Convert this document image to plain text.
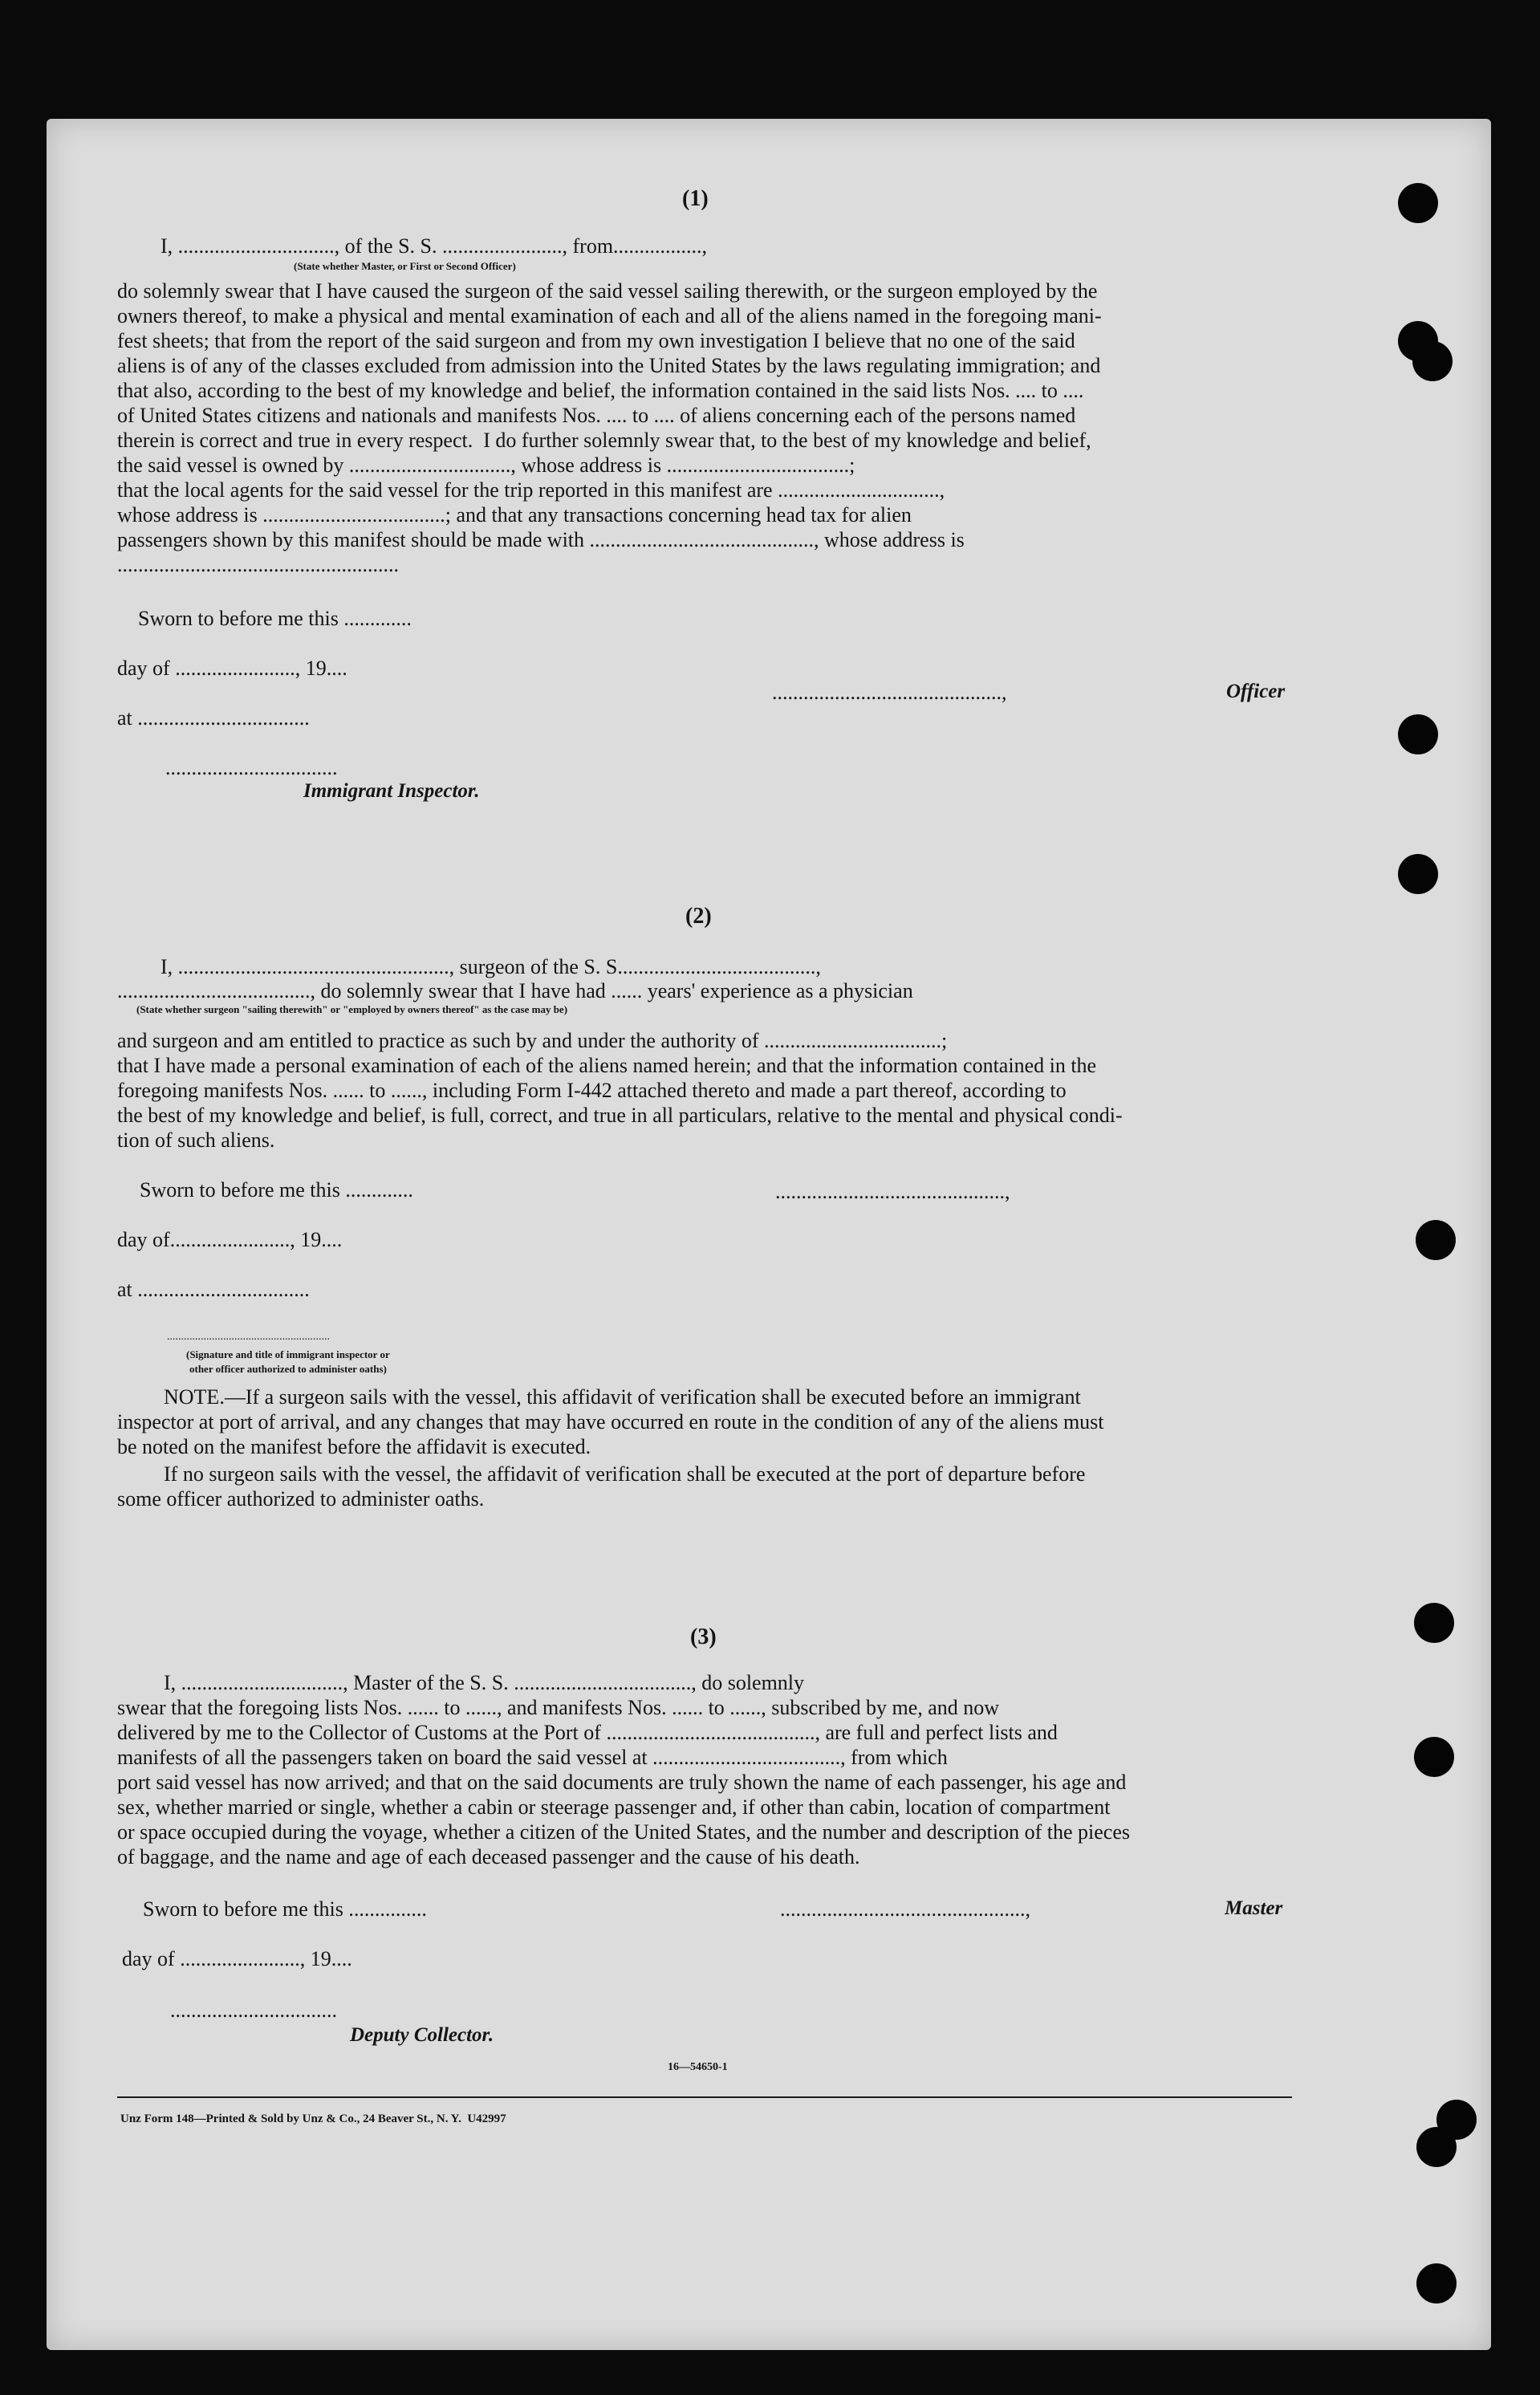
(1)
I, .............................., of the S. S. ......................., from.................,
(State whether Master, or First or Second Officer)
do solemnly swear that I have caused the surgeon of the said vessel sailing therewith, or the surgeon employed by the
owners thereof, to make a physical and mental examination of each and all of the aliens named in the foregoing mani-
fest sheets; that from the report of the said surgeon and from my own investigation I believe that no one of the said
aliens is of any of the classes excluded from admission into the United States by the laws regulating immigration; and
that also, according to the best of my knowledge and belief, the information contained in the said lists Nos. .... to ....
of United States citizens and nationals and manifests Nos. .... to .... of aliens concerning each of the persons named
therein is correct and true in every respect.  I do further solemnly swear that, to the best of my knowledge and belief,
the said vessel is owned by ..............................., whose address is ...................................;
that the local agents for the said vessel for the trip reported in this manifest are ...............................,
whose address is ...................................; and that any transactions concerning head tax for alien
passengers shown by this manifest should be made with ..........................................., whose address is
......................................................
Sworn to before me this .............
day of ......................., 19....
at .................................
.................................
Immigrant Inspector.
............................................,	Officer
(2)
I, ...................................................., surgeon of the S. S......................................,
....................................., do solemnly swear that I have had ...... years' experience as a physician
(State whether surgeon "sailing therewith" or "employed by owners thereof" as the case may be)
and surgeon and am entitled to practice as such by and under the authority of ..................................;
that I have made a personal examination of each of the aliens named herein; and that the information contained in the
foregoing manifests Nos. ...... to ......, including Form I-442 attached thereto and made a part thereof, according to
the best of my knowledge and belief, is full, correct, and true in all particulars, relative to the mental and physical condi-
tion of such aliens.
Sworn to before me this .............
day of......................., 19....
at .................................
............................................,
..........................................................
(Signature and title of immigrant inspector or
other officer authorized to administer oaths)
NOTE.—If a surgeon sails with the vessel, this affidavit of verification shall be executed before an immigrant
inspector at port of arrival, and any changes that may have occurred en route in the condition of any of the aliens must
be noted on the manifest before the affidavit is executed.
If no surgeon sails with the vessel, the affidavit of verification shall be executed at the port of departure before
some officer authorized to administer oaths.
(3)
I, ..............................., Master of the S. S. .................................., do solemnly
swear that the foregoing lists Nos. ...... to ......, and manifests Nos. ...... to ......, subscribed by me, and now
delivered by me to the Collector of Customs at the Port of ........................................, are full and perfect lists and
manifests of all the passengers taken on board the said vessel at ...................................., from which
port said vessel has now arrived; and that on the said documents are truly shown the name of each passenger, his age and
sex, whether married or single, whether a cabin or steerage passenger and, if other than cabin, location of compartment
or space occupied during the voyage, whether a citizen of the United States, and the number and description of the pieces
of baggage, and the name and age of each deceased passenger and the cause of his death.
Sworn to before me this ...............
day of ......................., 19....
................................
Deputy Collector.
...............................................,	Master
16—54650-1
Unz Form 148—Printed & Sold by Unz & Co., 24 Beaver St., N. Y.  U42997
